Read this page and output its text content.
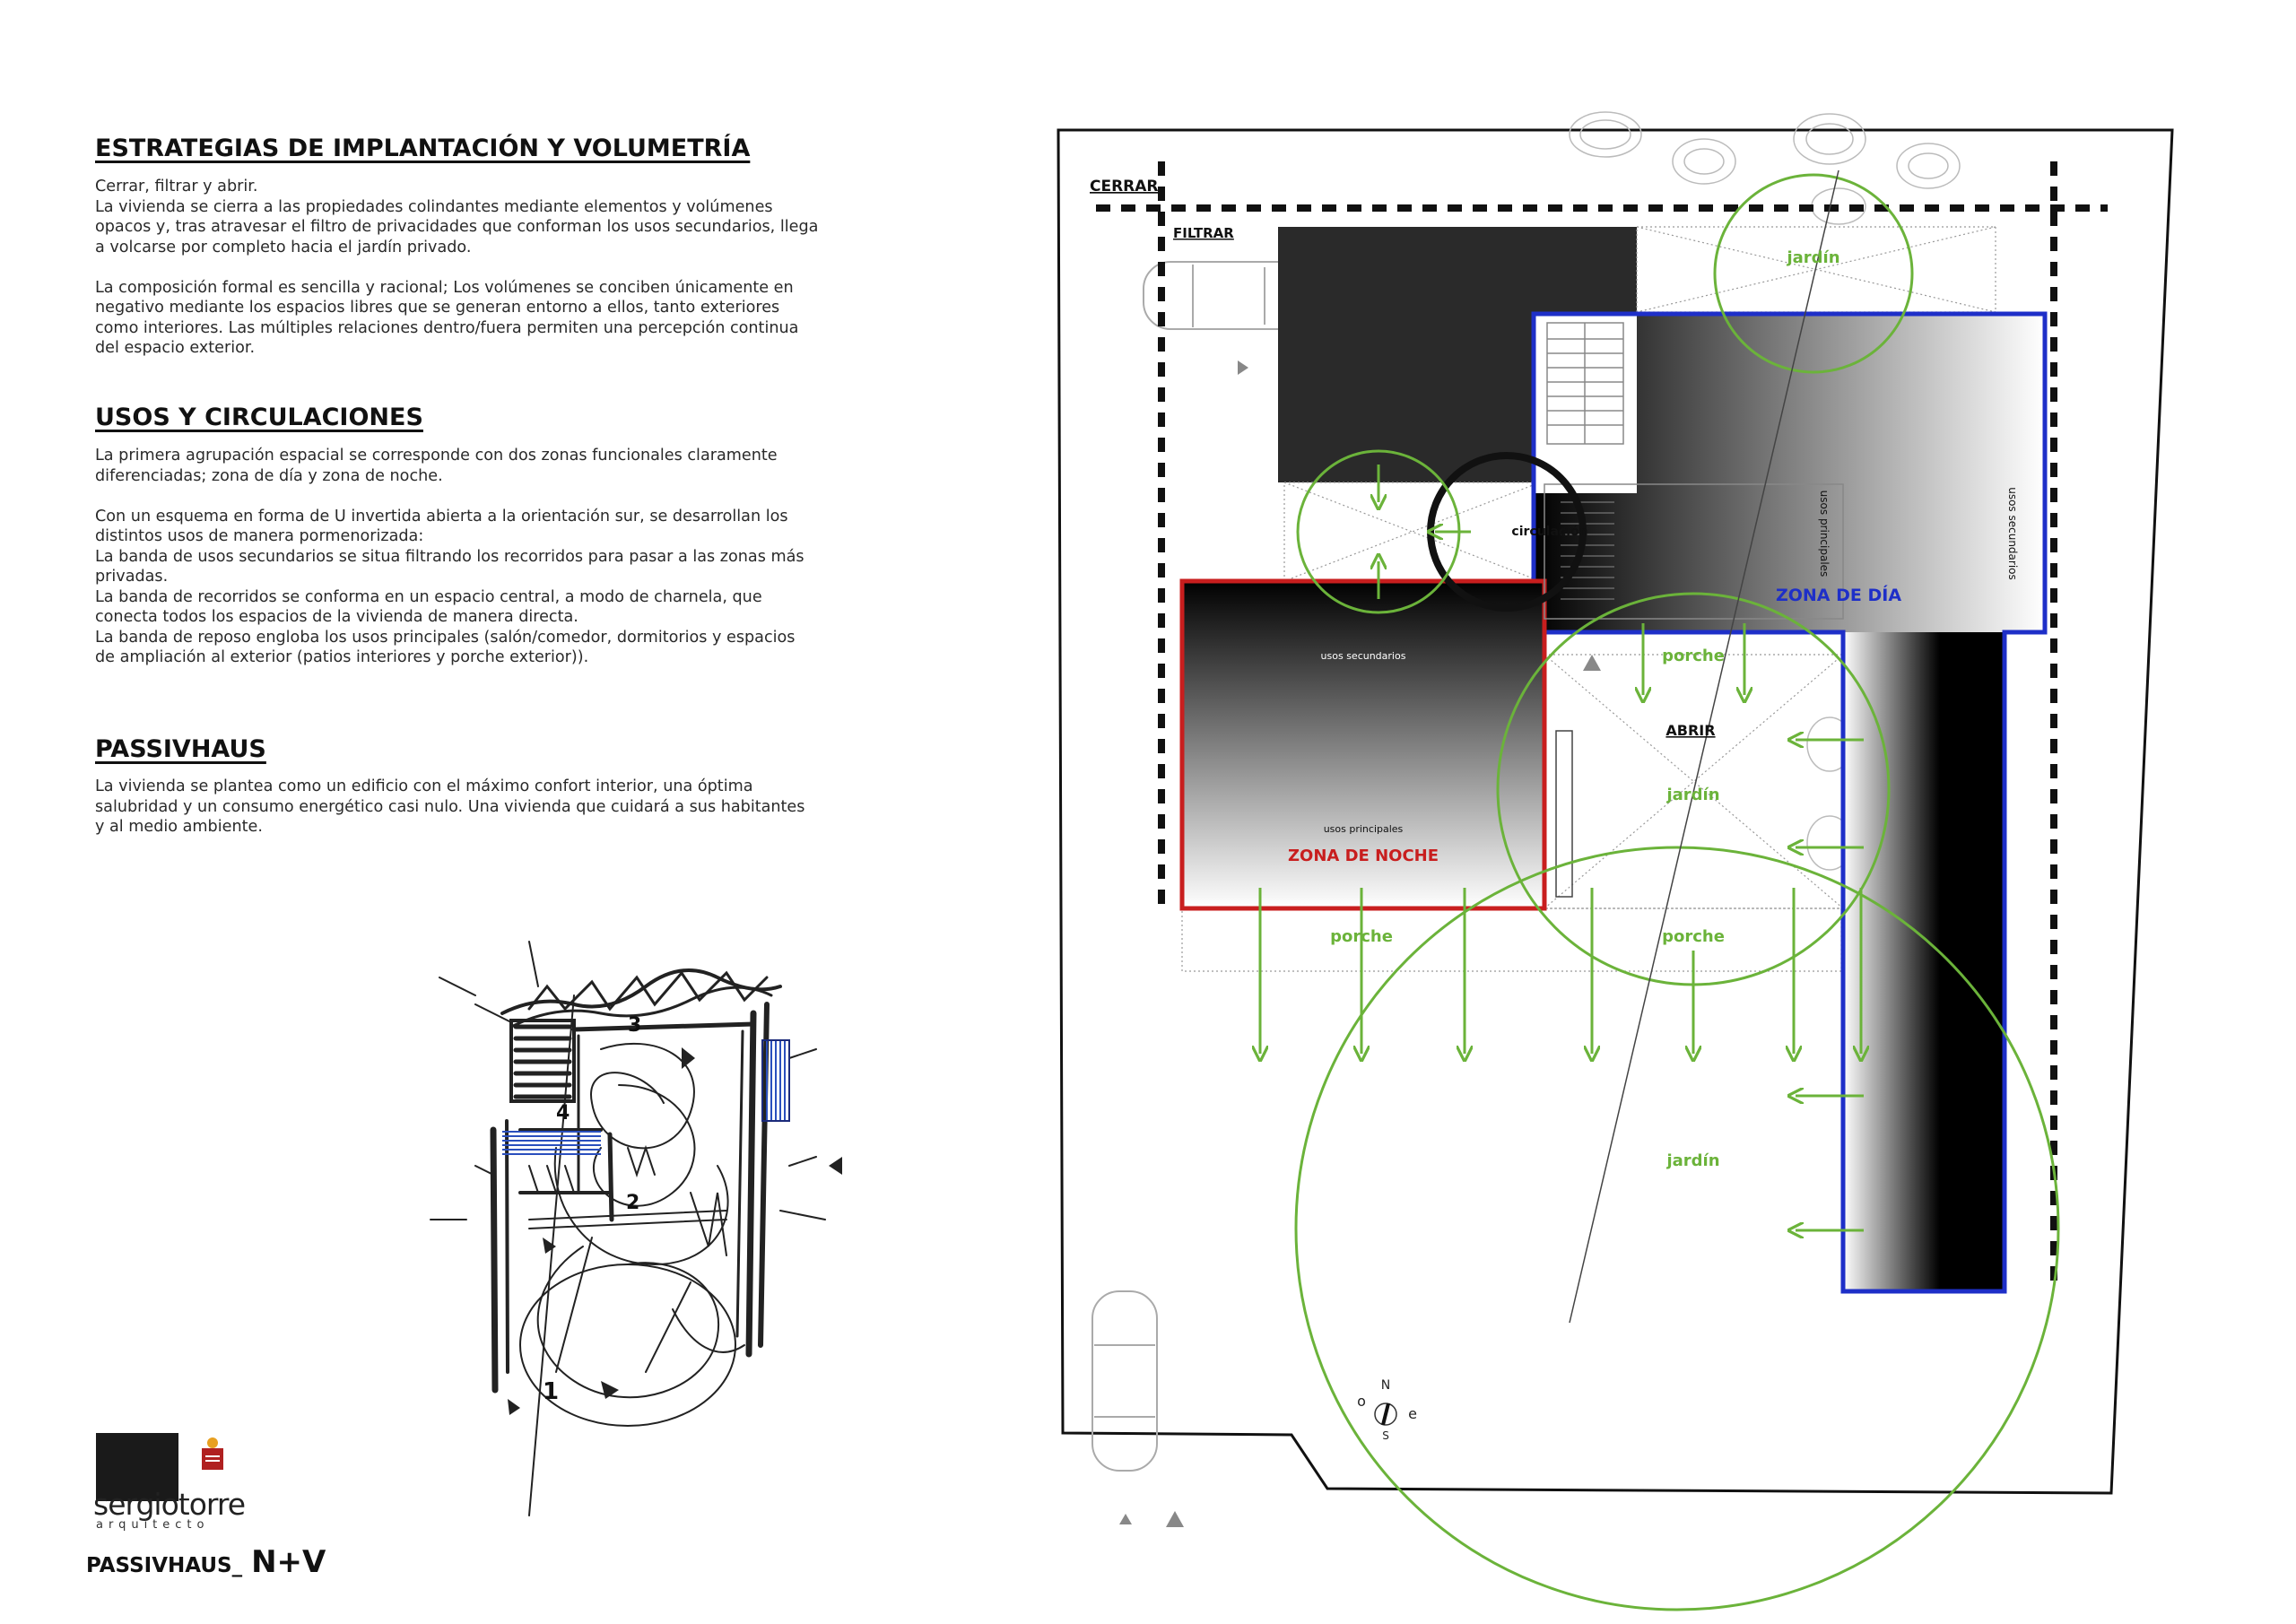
ESTRATEGIAS DE IMPLANTACIÓN Y VOLUMETRÍA
Cerrar, filtrar y abrir.
La vivienda se cierra a las propiedades colindantes mediante elementos y volúmenes
opacos y, tras atravesar el filtro de privacidades que conforman los usos secundarios, llega
a volcarse por completo hacia el jardín privado.
La composición formal es sencilla y racional; Los volúmenes se conciben únicamente en
negativo mediante los espacios libres que se generan entorno a ellos, tanto exteriores
como interiores. Las múltiples relaciones dentro/fuera permiten una percepción continua
del espacio exterior.
USOS Y CIRCULACIONES
La primera agrupación espacial se corresponde con dos zonas funcionales claramente
diferenciadas; zona de día y zona de noche.
Con un esquema en forma de U invertida abierta a la orientación sur, se desarrollan los
distintos usos de manera pormenorizada:
La banda de usos secundarios se situa filtrando los recorridos para pasar a las zonas más
privadas.
La banda de recorridos se conforma en un espacio central, a modo de charnela, que
conecta todos los espacios de la vivienda de manera directa.
La banda de reposo engloba los usos principales (salón/comedor, dormitorios y espacios
de ampliación al exterior (patios interiores y porche exterior)).
PASSIVHAUS
La vivienda se plantea como un edificio con el máximo confort interior, una óptima
salubridad y un consumo energético casi nulo. Una vivienda que cuidará a sus habitantes
y al medio ambiente.
3
4
2
1
sergiotorre
arquitecto
PASSIVHAUS_ N+V
N
S
e
o
CERRAR
FILTRAR
ABRIR
circulación
ZONA DE DÍA
ZONA DE NOCHE
usos secundarios
usos principales
usos principales	usos secundarios
porche
porche	porche
jardín
jardín
jardín
